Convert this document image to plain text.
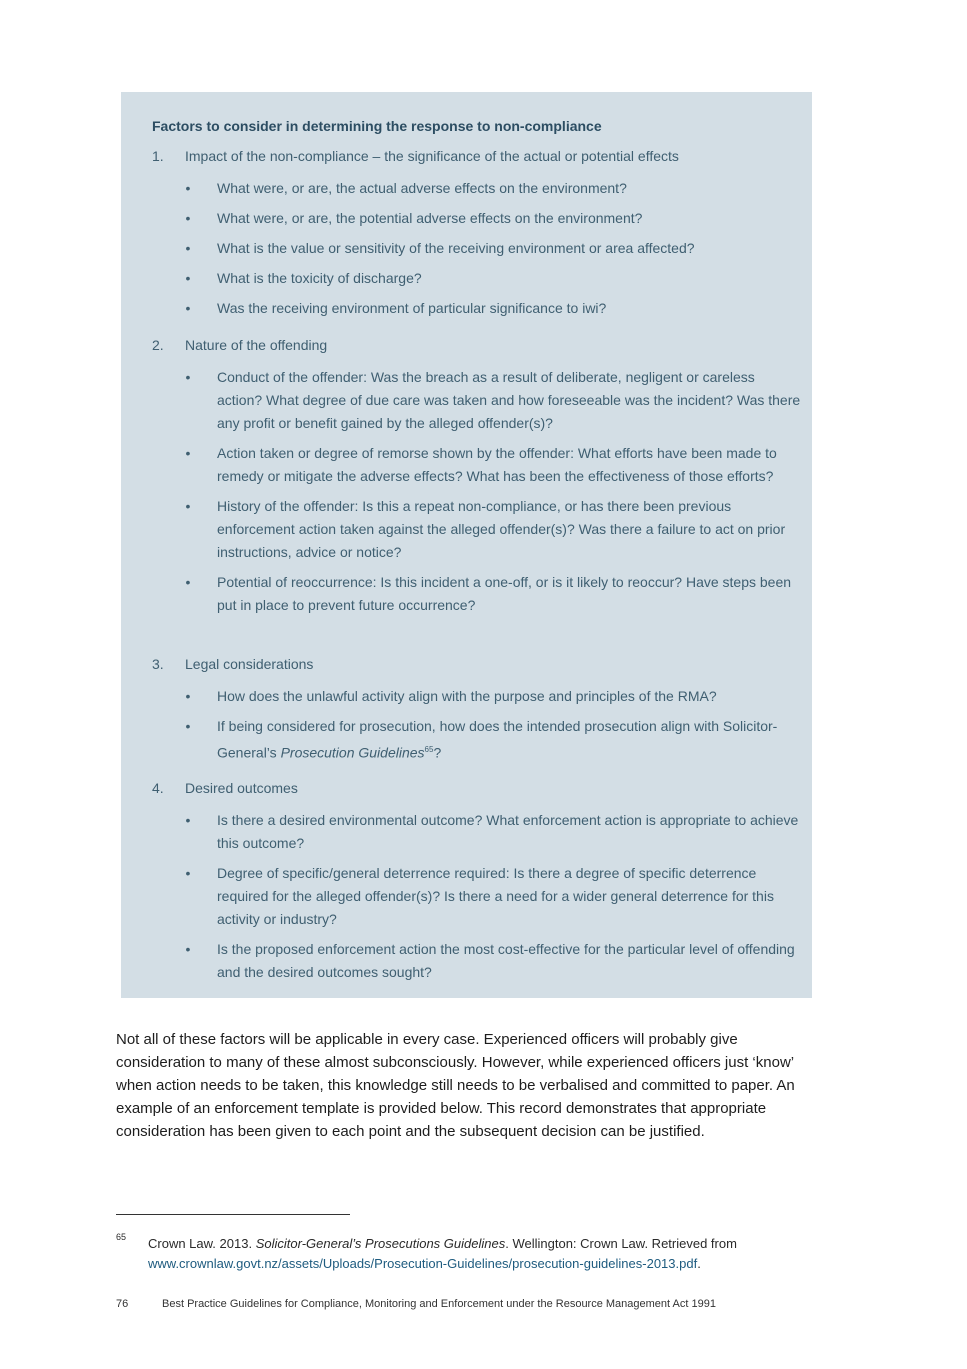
Factors to consider in determining the response to non-compliance
1.	Impact of the non-compliance – the significance of the actual or potential effects
• What were, or are, the actual adverse effects on the environment?
• What were, or are, the potential adverse effects on the environment?
• What is the value or sensitivity of the receiving environment or area affected?
• What is the toxicity of discharge?
• Was the receiving environment of particular significance to iwi?
2.	Nature of the offending
• Conduct of the offender: Was the breach as a result of deliberate, negligent or careless action? What degree of due care was taken and how foreseeable was the incident? Was there any profit or benefit gained by the alleged offender(s)?
• Action taken or degree of remorse shown by the offender: What efforts have been made to remedy or mitigate the adverse effects? What has been the effectiveness of those efforts?
• History of the offender: Is this a repeat non-compliance, or has there been previous enforcement action taken against the alleged offender(s)? Was there a failure to act on prior instructions, advice or notice?
• Potential of reoccurrence: Is this incident a one-off, or is it likely to reoccur? Have steps been put in place to prevent future occurrence?
3.	Legal considerations
• How does the unlawful activity align with the purpose and principles of the RMA?
• If being considered for prosecution, how does the intended prosecution align with Solicitor-General’s Prosecution Guidelines$^{65}$?
4.	Desired outcomes
• Is there a desired environmental outcome? What enforcement action is appropriate to achieve this outcome?
• Degree of specific/general deterrence required: Is there a degree of specific deterrence required for the alleged offender(s)? Is there a need for a wider general deterrence for this activity or industry?
• Is the proposed enforcement action the most cost-effective for the particular level of offending and the desired outcomes sought?

Not all of these factors will be applicable in every case. Experienced officers will probably give consideration to many of these almost subconsciously. However, while experienced officers just ‘know’ when action needs to be taken, this knowledge still needs to be verbalised and committed to paper. An example of an enforcement template is provided below. This record demonstrates that appropriate consideration has been given to each point and the subsequent decision can be justified.

65 Crown Law. 2013. Solicitor-General’s Prosecutions Guidelines. Wellington: Crown Law. Retrieved from www.crownlaw.govt.nz/assets/Uploads/Prosecution-Guidelines/prosecution-guidelines-2013.pdf.
76	Best Practice Guidelines for Compliance, Monitoring and Enforcement under the Resource Management Act 1991
